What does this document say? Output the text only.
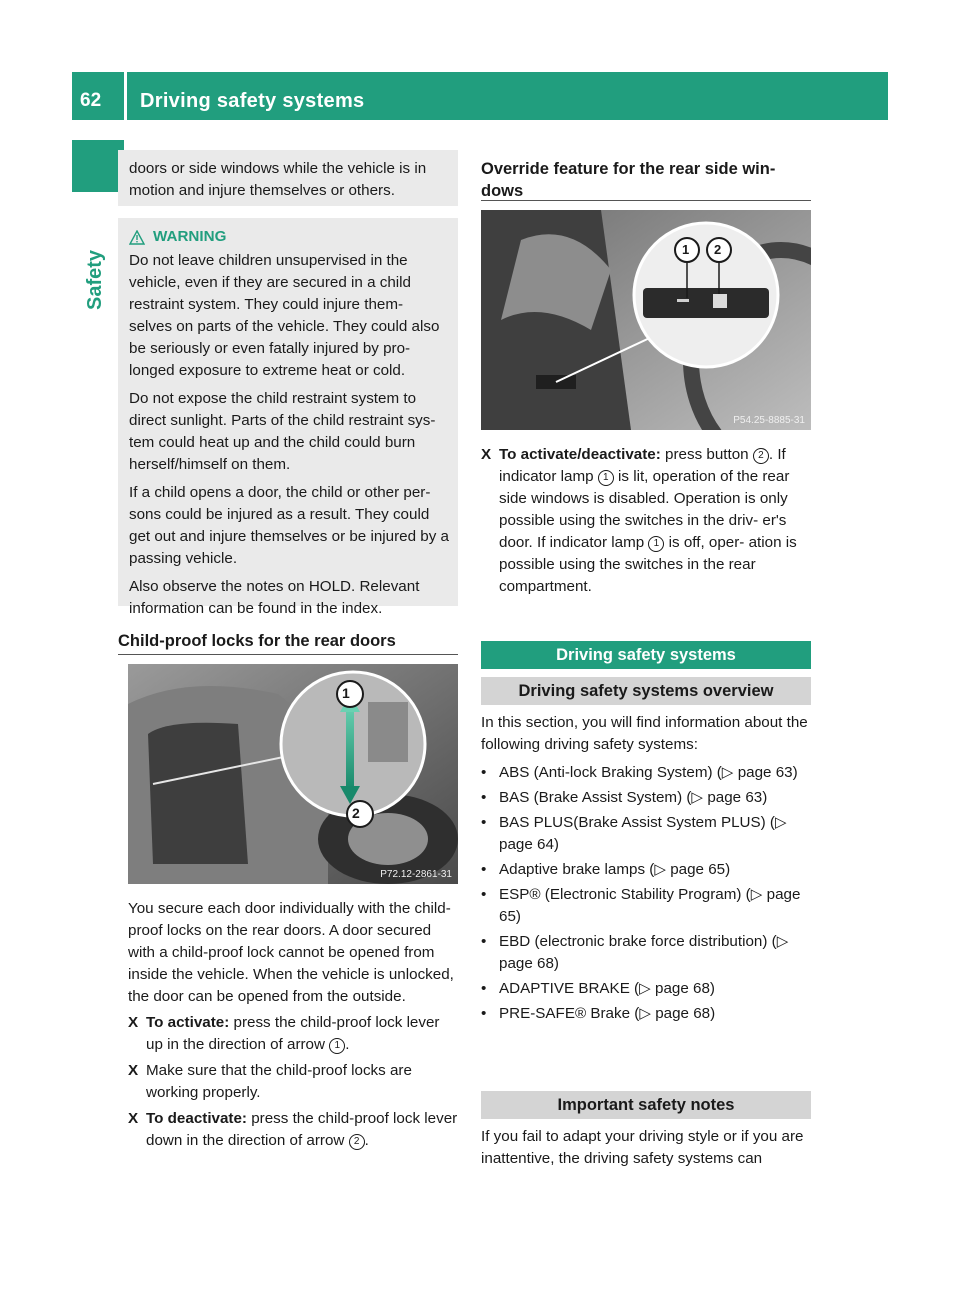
62 Driving safety systems
Safety

doors or side windows while the vehicle is in motion and injure themselves or others.

WARNING

Do not leave children unsupervised in the vehicle, even if they are secured in a child restraint system. They could injure them- selves on parts of the vehicle. They could also be seriously or even fatally injured by pro- longed exposure to extreme heat or cold.

Do not expose the child restraint system to direct sunlight. Parts of the child restraint sys- tem could heat up and the child could burn herself/himself on them.

If a child opens a door, the child or other per- sons could be injured as a result. They could get out and injure themselves or be injured by a passing vehicle.

Also observe the notes on HOLD. Relevant information can be found in the index.

Child-proof locks for the rear doors
1
2
P72.12-2861-31

You secure each door individually with the child-proof locks on the rear doors. A door secured with a child-proof lock cannot be opened from inside the vehicle. When the vehicle is unlocked, the door can be opened from the outside.

X To activate: press the child-proof lock lever up in the direction of arrow 1 .
X Make sure that the child-proof locks are working properly.
X To deactivate: press the child-proof lock lever down in the direction of arrow 2 .
Override feature for the rear side win- dows
1 2
P54.25-8885-31
X To activate/deactivate: press button 2 . If indicator lamp 1 is lit, operation of the rear side windows is disabled. Operation is only possible using the switches in the driv- er's door. If indicator lamp 1 is off, oper- ation is possible using the switches in the rear compartment.
Driving safety systems
Driving safety systems overview

In this section, you will find information about the following driving safety systems:

• ABS (Anti-lock Braking System) (▷ page 63)
• BAS (Brake Assist System) (▷ page 63)
• BAS PLUS(Brake Assist System PLUS) (▷ page 64)
• Adaptive brake lamps (▷ page 65)
• ESP® (Electronic Stability Program) (▷ page 65)
• EBD (electronic brake force distribution) (▷ page 68)
• ADAPTIVE BRAKE (▷ page 68)
• PRE-SAFE® Brake (▷ page 68)
Important safety notes

If you fail to adapt your driving style or if you are inattentive, the driving safety systems can
